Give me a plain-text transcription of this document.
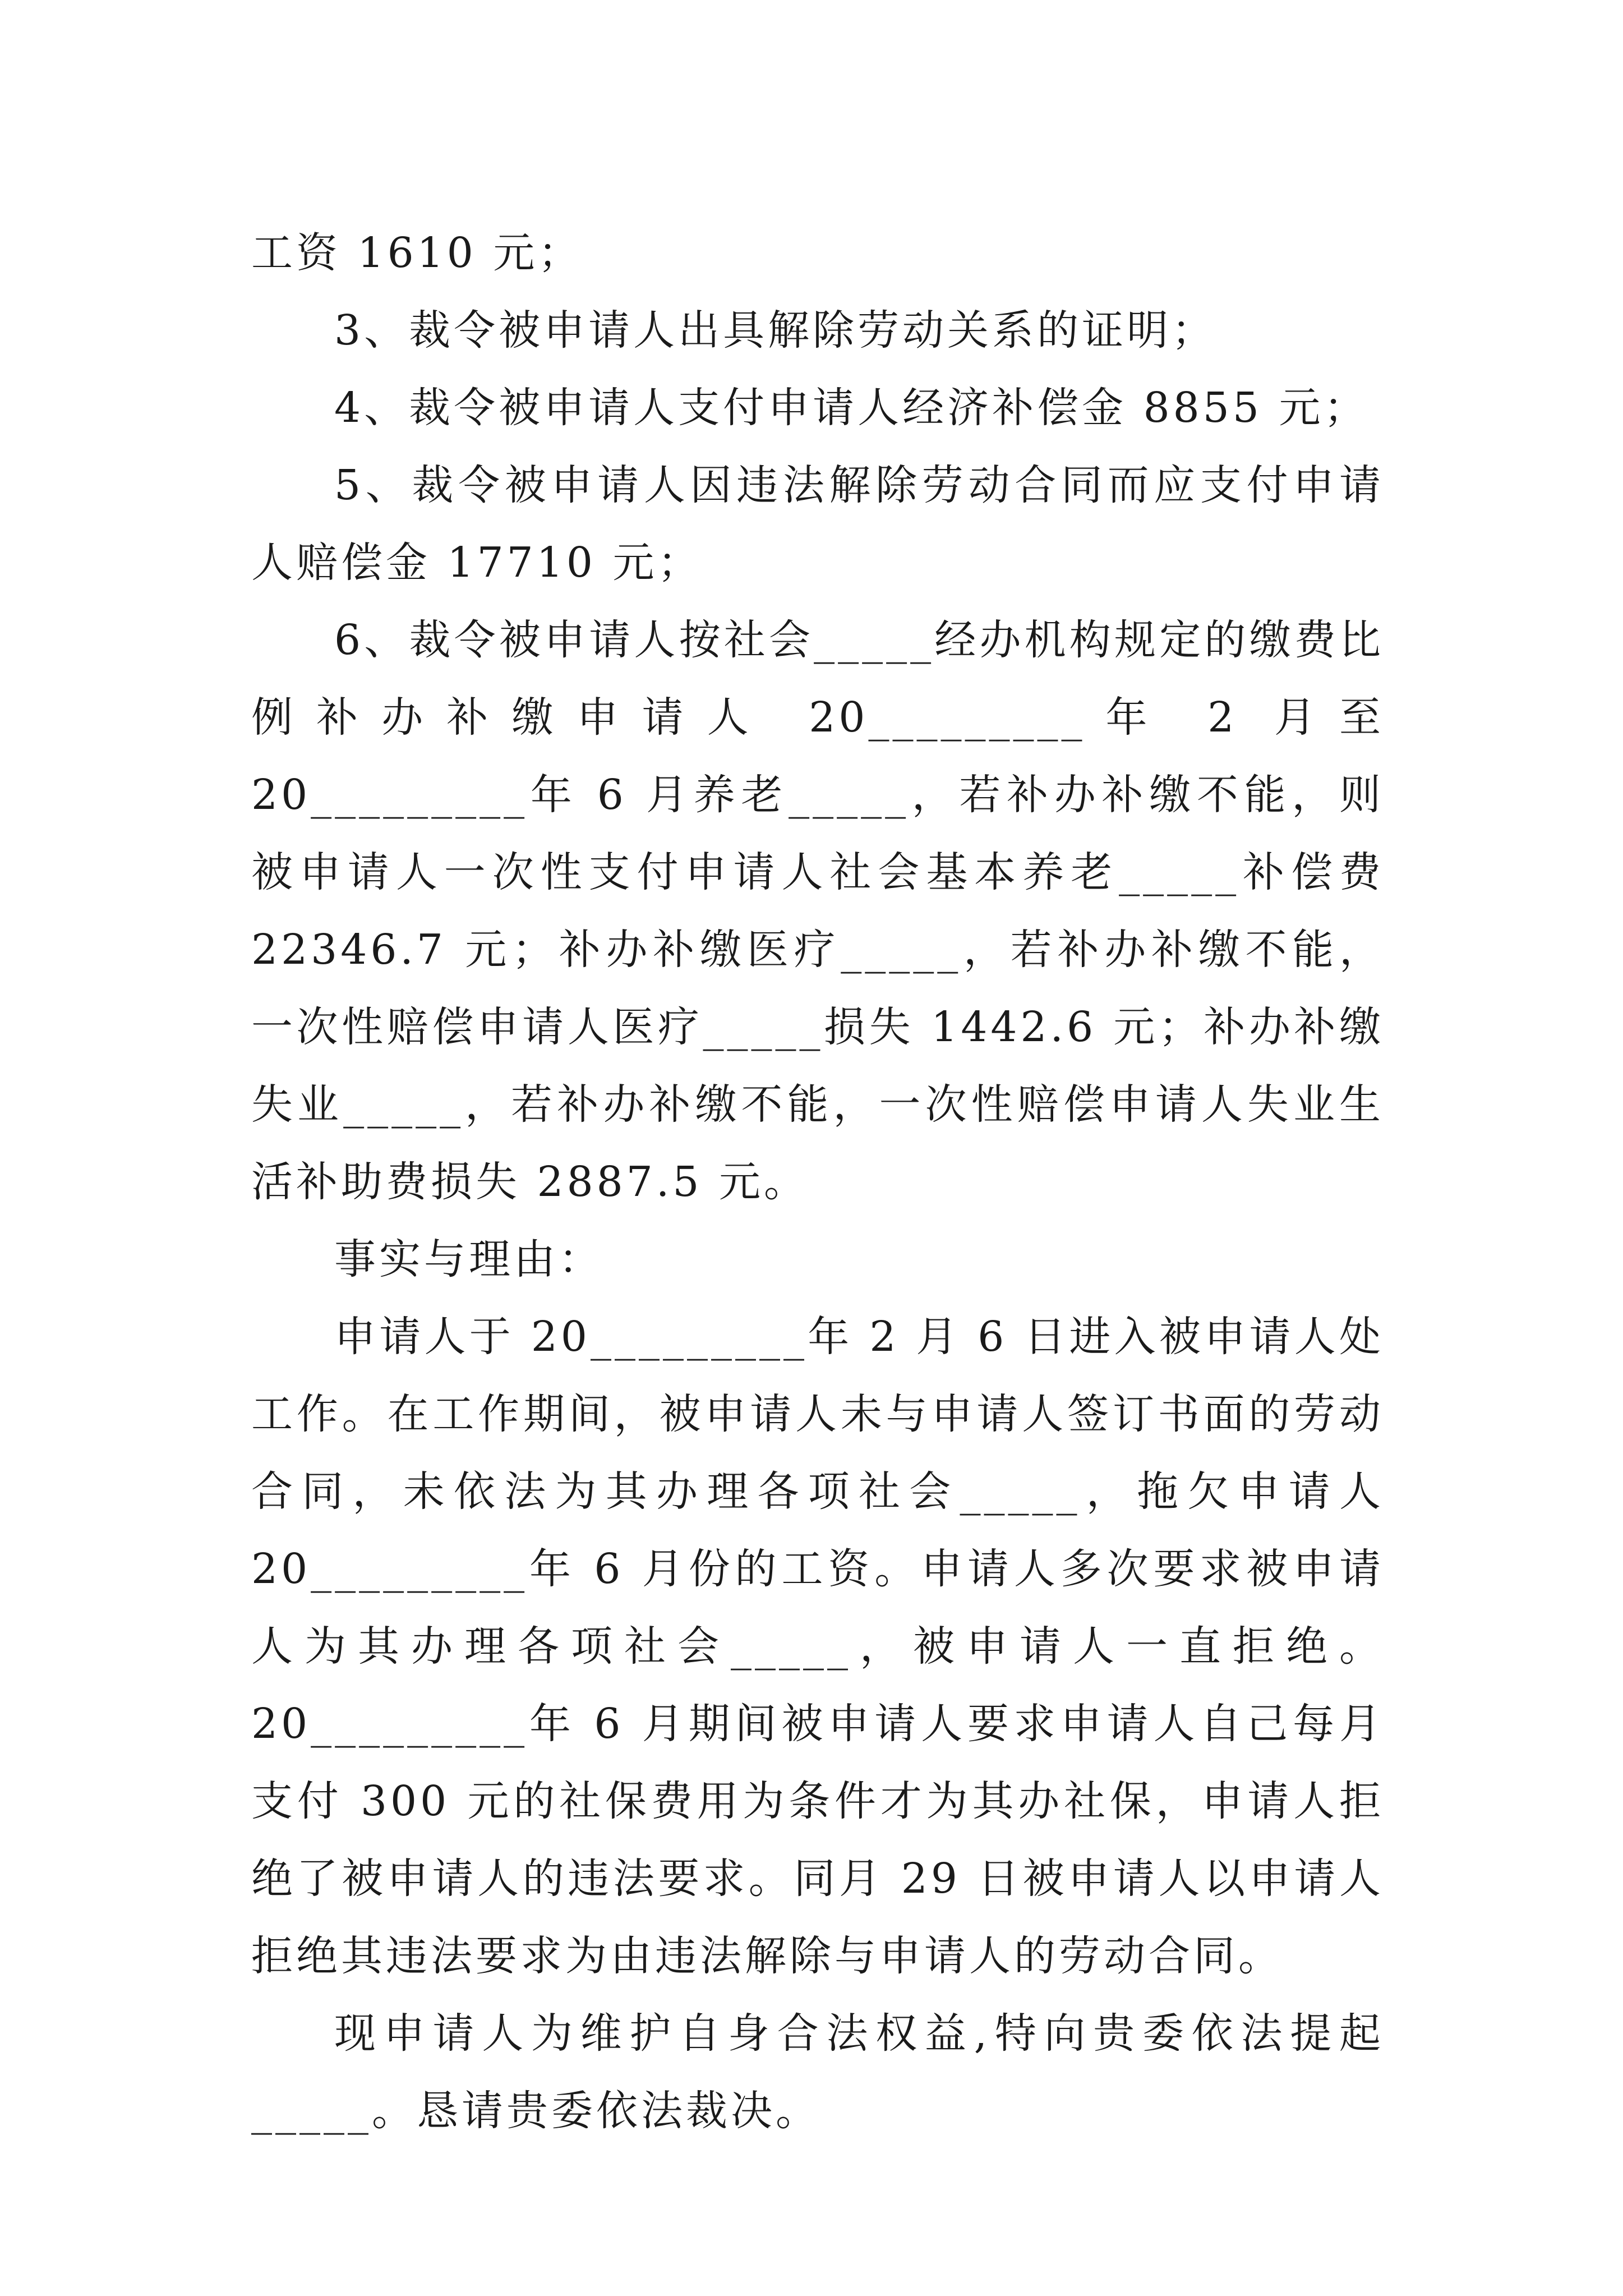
工资 1610 元；

3、裁令被申请人出具解除劳动关系的证明；

4、裁令被申请人支付申请人经济补偿金 8855 元；

5、裁令被申请人因违法解除劳动合同而应支付申请人赔偿金 17710 元；

6、裁令被申请人按社会_____经办机构规定的缴费比例补办补缴申请人 20_________年 2 月至 20_________年 6 月养老_____，若补办补缴不能，则被申请人一次性支付申请人社会基本养老_____补偿费 22346.7 元；补办补缴医疗_____，若补办补缴不能，一次性赔偿申请人医疗_____损失 1442.6 元；补办补缴失业_____，若补办补缴不能，一次性赔偿申请人失业生活补助费损失 2887.5 元。

事实与理由：

申请人于 20_________年 2 月 6 日进入被申请人处工作。在工作期间，被申请人未与申请人签订书面的劳动合同，未依法为其办理各项社会_____，拖欠申请人 20_________年 6 月份的工资。申请人多次要求被申请人为其办理各项社会_____，被申请人一直拒绝。20_________年 6 月期间被申请人要求申请人自己每月支付 300 元的社保费用为条件才为其办社保，申请人拒绝了被申请人的违法要求。同月 29 日被申请人以申请人拒绝其违法要求为由违法解除与申请人的劳动合同。

现申请人为维护自身合法权益,特向贵委依法提起_____。恳请贵委依法裁决。
